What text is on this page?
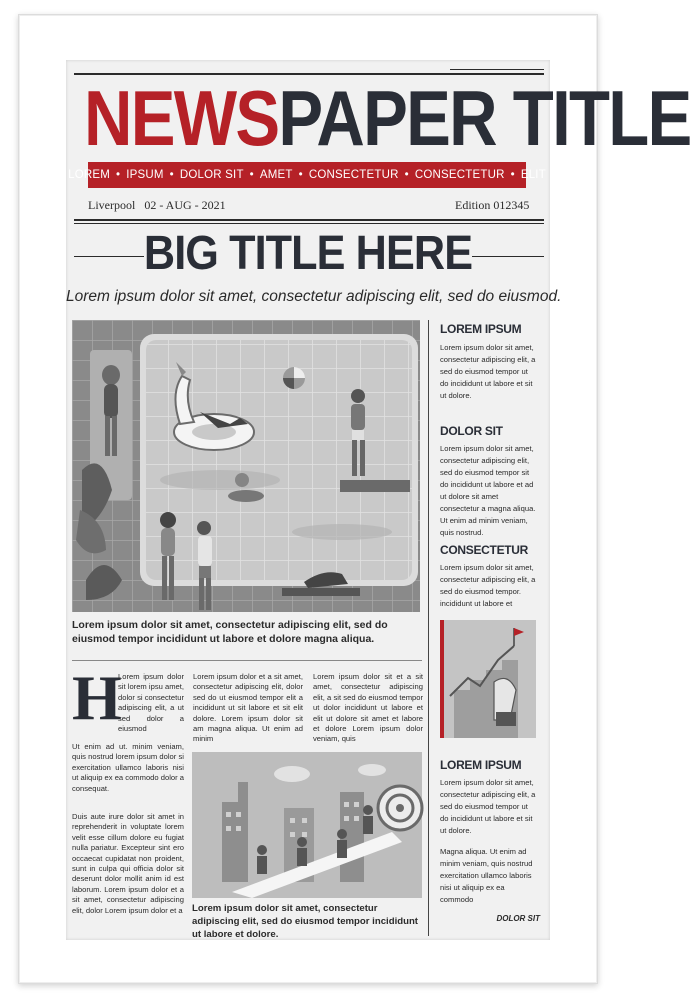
NEWSPAPER TITLE
LOREM • IPSUM • DOLOR SIT • AMET • CONSECTETUR • CONSECTETUR • ELIT
Liverpool   02 - AUG - 2021	Edition 012345
BIG TITLE HERE
Lorem ipsum dolor sit amet, consectetur adipiscing elit, sed do eiusmod.
Lorem ipsum dolor sit amet, consectetur adipiscing elit, sed do eiusmod tempor incididunt ut labore et dolore magna aliqua.
H
Lorem ipsum dolor sit lorem ipsu amet, dolor si consectetur adipiscing elit, a ut sed dolor a eiusmod
Ut enim ad ut. minim veniam, quis nostrud lorem ipsum dolor si exercitation ullamco laboris nisi ut aliquip ex ea commodo dolor a consequat.
Duis aute irure dolor sit amet in reprehenderit in voluptate lorem velit esse cillum dolore eu fugiat nulla pariatur. Excepteur sint ero occaecat cupidatat non proident, sunt in culpa qui officia dolor sit deserunt dolor mollit anim id est laborum. Lorem ipsum dolor et a sit amet, consectetur adipiscing elit, dolor Lorem ipsum dolor et a
Lorem ipsum dolor et a sit amet, consectetur adipiscing elit, dolor sed do ut eiusmod tempor elit a incididunt ut sit labore et sit elit dolore. Lorem ipsum dolor sit am magna aliqua. Ut enim ad minim
Lorem ipsum dolor sit et a sit amet, consectetur adipiscing elit, a sit sed do eiusmod tempor ut dolor incididunt ut labore et elit ut dolore sit amet et labore et dolore Lorem ipsum dolor veniam, quis
Lorem ipsum dolor sit amet, consectetur adipiscing elit, sed do eiusmod tempor incididunt ut labore et dolore.
LOREM IPSUM
Lorem ipsum dolor sit amet, consectetur adipiscing elit, a sed do eiusmod tempor ut do incididunt ut labore et sit ut dolore.
DOLOR SIT
Lorem ipsum dolor sit amet, consectetur adipiscing elit, sed do eiusmod tempor sit do incididunt ut labore et ad ut dolore sit amet consectetur a magna aliqua. Ut enim ad minim veniam, quis nostrud.
CONSECTETUR
Lorem ipsum dolor sit amet, consectetur adipiscing elit, a sed do eiusmod tempor. incididunt ut labore et
LOREM IPSUM
Lorem ipsum dolor sit amet, consectetur adipiscing elit, a sed do eiusmod tempor ut do incididunt ut labore et sit ut dolore.
Magna aliqua. Ut enim ad minim veniam, quis nostrud exercitation ullamco laboris nisi ut aliquip ex ea commodo
DOLOR SIT
